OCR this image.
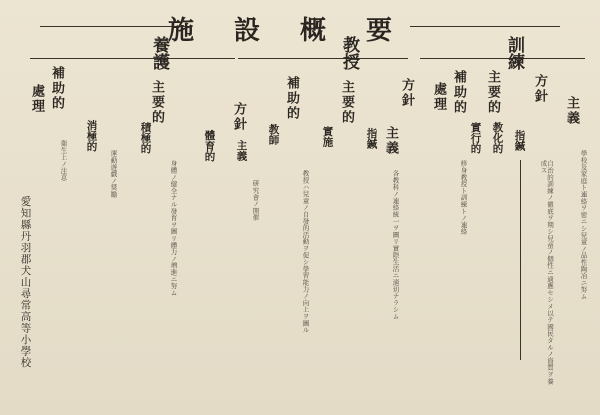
施設概要
訓練
主義
方針
指鍼
主要的
教化的
實行的
補助的
處理
自治的訓練ノ徹底ヲ期シ兒童ノ個性ニ適應セシメ以テ國民タルノ資質ヲ養成ス	學校及家庭ト連絡ヲ密ニシ兒童ノ品性陶冶ニ努ム
修身教授ト訓練トノ連絡
教授
方針
主義
指鍼
主要的
實施
補助的
教師
教授ハ兒童ノ自發的活動ヲ促シ學習能力ノ向上ヲ圖ル	各教科ノ連絡統一ヲ圖リ實際生活ニ適切ナラシム
研究會ノ開催
養護
方針
主義
主要的
體育的
積極的
消極的
補助的
處理
身體ノ健全ナル發育ヲ圖リ體力ノ増進ニ努ム
運動遊戯ノ奨勵
衛生上ノ注意
愛知縣丹羽郡犬山尋常高等小學校
